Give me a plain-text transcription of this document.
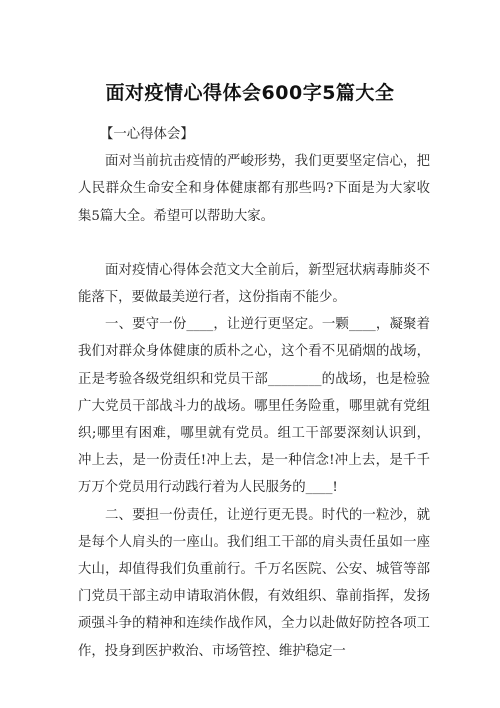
面对疫情心得体会600字5篇大全

【一心得体会】

面对当前抗击疫情的严峻形势，我们更要坚定信心，把人民群众生命安全和身体健康都有那些吗?下面是为大家收集5篇大全。希望可以帮助大家。

面对疫情心得体会范文大全前后，新型冠状病毒肺炎不能落下，要做最美逆行者，这份指南不能少。

一、要守一份____，让逆行更坚定。一颗____，凝聚着我们对群众身体健康的质朴之心，这个看不见硝烟的战场，正是考验各级党组织和党员干部________的战场，也是检验广大党员干部战斗力的战场。哪里任务险重，哪里就有党组织;哪里有困难，哪里就有党员。组工干部要深刻认识到，冲上去，是一份责任!冲上去，是一种信念!冲上去，是千千万万个党员用行动践行着为人民服务的____!

二、要担一份责任，让逆行更无畏。时代的一粒沙，就是每个人肩头的一座山。我们组工干部的肩头责任虽如一座大山，却值得我们负重前行。千万名医院、公安、城管等部门党员干部主动申请取消休假，有效组织、靠前指挥，发扬顽强斗争的精神和连续作战作风，全力以赴做好防控各项工作，投身到医护救治、市场管控、维护稳定一
